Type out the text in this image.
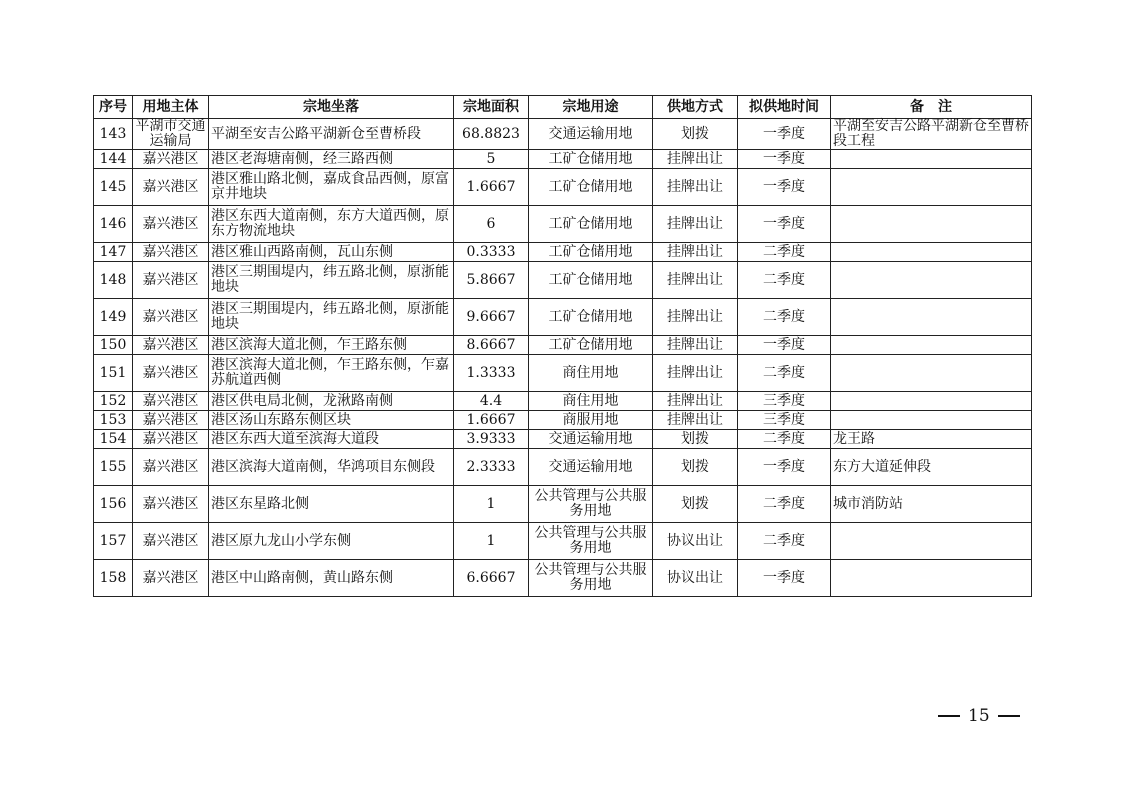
序号	用地主体	宗地坐落	宗地面积	宗地用途	供地方式	拟供地时间	备　注
143	平湖市交通运输局	平湖至安吉公路平湖新仓至曹桥段	68.8823	交通运输用地	划拨	一季度	平湖至安吉公路平湖新仓至曹桥段工程
144	嘉兴港区	港区老海塘南侧，经三路西侧	5	工矿仓储用地	挂牌出让	一季度	
145	嘉兴港区	港区雅山路北侧，嘉成食品西侧，原富京井地块	1.6667	工矿仓储用地	挂牌出让	一季度	
146	嘉兴港区	港区东西大道南侧，东方大道西侧，原东方物流地块	6	工矿仓储用地	挂牌出让	一季度	
147	嘉兴港区	港区雅山西路南侧，瓦山东侧	0.3333	工矿仓储用地	挂牌出让	二季度	
148	嘉兴港区	港区三期围堤内，纬五路北侧，原浙能地块	5.8667	工矿仓储用地	挂牌出让	二季度	
149	嘉兴港区	港区三期围堤内，纬五路北侧，原浙能地块	9.6667	工矿仓储用地	挂牌出让	二季度	
150	嘉兴港区	港区滨海大道北侧，乍王路东侧	8.6667	工矿仓储用地	挂牌出让	一季度	
151	嘉兴港区	港区滨海大道北侧，乍王路东侧，乍嘉苏航道西侧	1.3333	商住用地	挂牌出让	二季度	
152	嘉兴港区	港区供电局北侧，龙湫路南侧	4.4	商住用地	挂牌出让	三季度	
153	嘉兴港区	港区汤山东路东侧区块	1.6667	商服用地	挂牌出让	三季度	
154	嘉兴港区	港区东西大道至滨海大道段	3.9333	交通运输用地	划拨	二季度	龙王路
155	嘉兴港区	港区滨海大道南侧，华鸿项目东侧段	2.3333	交通运输用地	划拨	一季度	东方大道延伸段
156	嘉兴港区	港区东星路北侧	1	公共管理与公共服务用地	划拨	二季度	城市消防站
157	嘉兴港区	港区原九龙山小学东侧	1	公共管理与公共服务用地	协议出让	二季度	
158	嘉兴港区	港区中山路南侧，黄山路东侧	6.6667	公共管理与公共服务用地	协议出让	一季度	
15
